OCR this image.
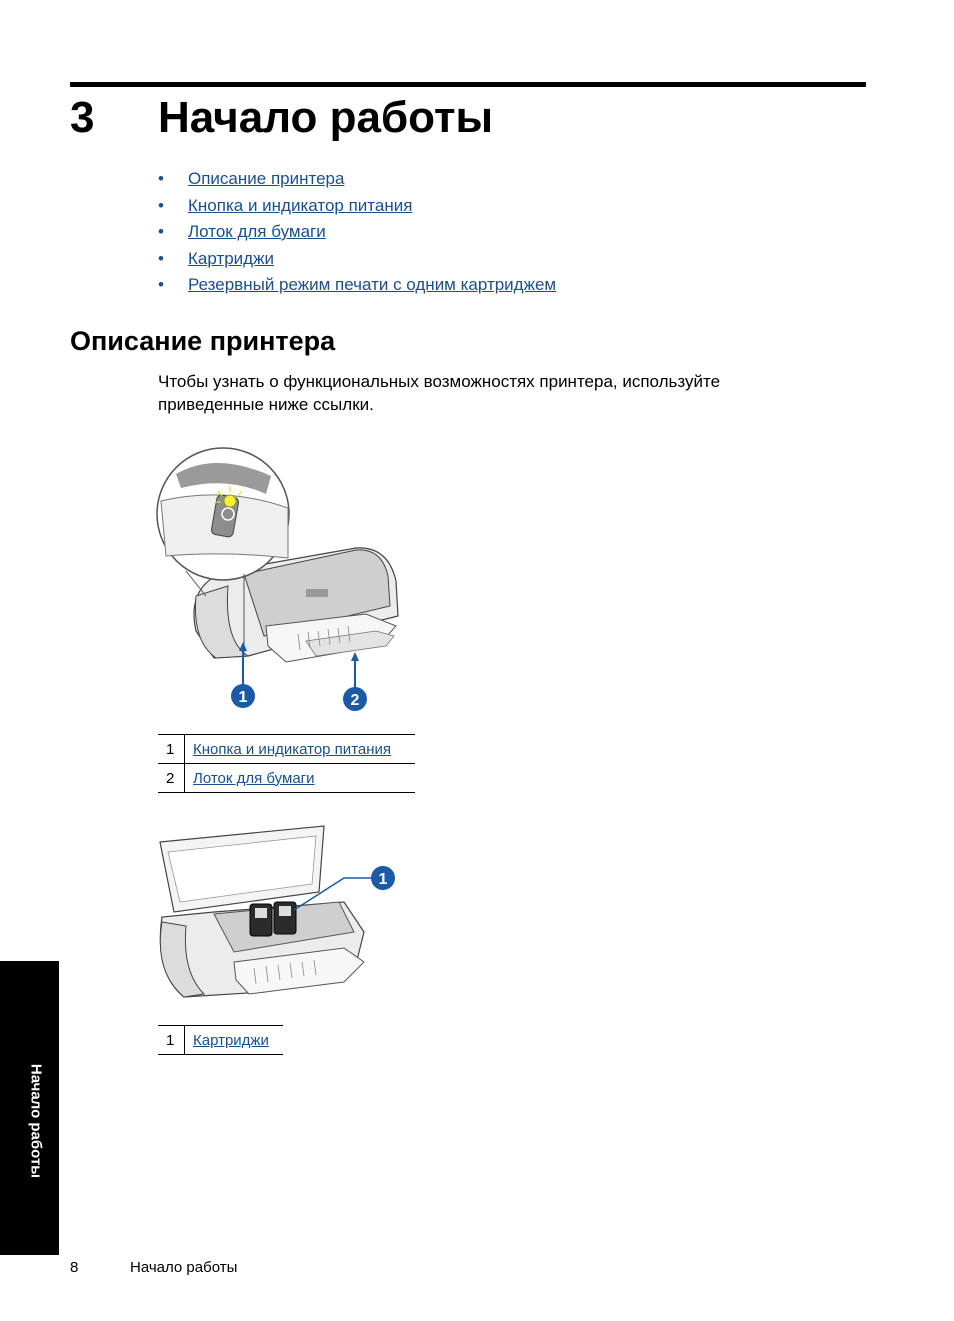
3 Начало работы
• Описание принтера
• Кнопка и индикатор питания
• Лоток для бумаги
• Картриджи
• Резервный режим печати с одним картриджем
Описание принтера
Чтобы узнать о функциональных возможностях принтера, используйте приведенные ниже ссылки.
1	2
1	Кнопка и индикатор питания
2	Лоток для бумаги
1
1	Картриджи
Начало работы
8	Начало работы
